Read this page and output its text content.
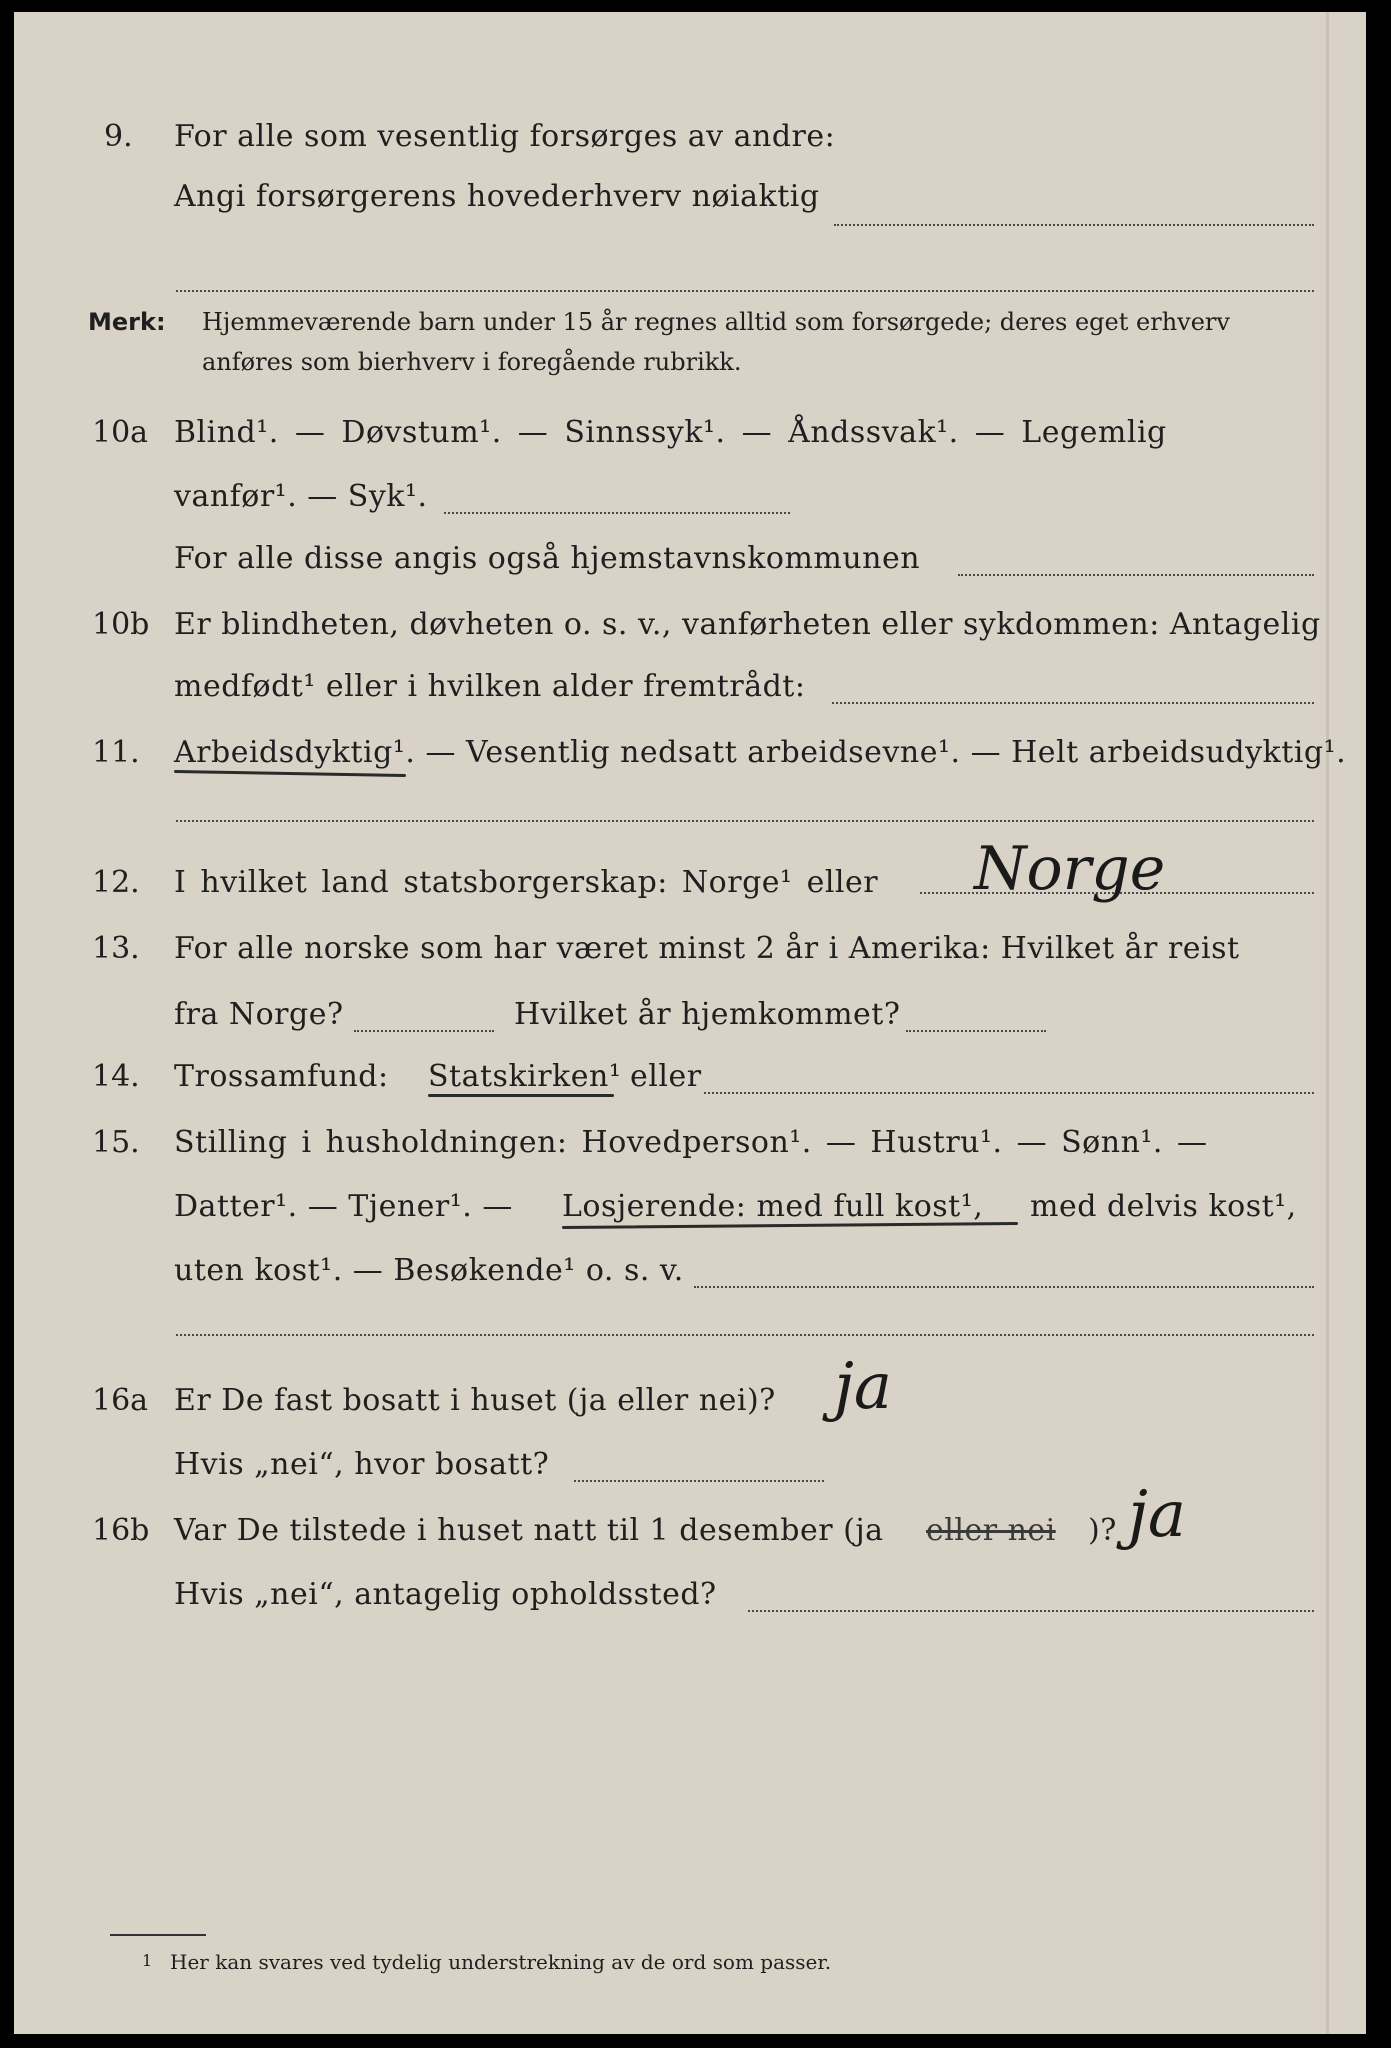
9. For alle som vesentlig forsørges av andre:
Angi forsørgerens hovederhverv nøiaktig
Merk: Hjemmeværende barn under 15 år regnes alltid som forsørgede; deres eget erhverv
anføres som bierhverv i foregående rubrikk.
10a Blind¹. — Døvstum¹. — Sinnssyk¹. — Åndssvak¹. — Legemlig
vanfør¹. — Syk¹.
For alle disse angis også hjemstavnskommunen
10b Er blindheten, døvheten o. s. v., vanførheten eller sykdommen: Antagelig
medfødt¹ eller i hvilken alder fremtrådt:
11. Arbeidsdyktig¹. — Vesentlig nedsatt arbeidsevne¹. — Helt arbeidsudyktig¹.
12. I hvilket land statsborgerskap: Norge¹ eller Norge
13. For alle norske som har været minst 2 år i Amerika: Hvilket år reist
fra Norge?	Hvilket år hjemkommet?
14. Trossamfund: Statskirken¹ eller
15. Stilling i husholdningen: Hovedperson¹. — Hustru¹. — Sønn¹. —
Datter¹. — Tjener¹. — Losjerende: med full kost¹, med delvis kost¹,
uten kost¹. — Besøkende¹ o. s. v.
16a Er De fast bosatt i huset (ja eller nei)? ja
Hvis „nei“, hvor bosatt?
16b Var De tilstede i huset natt til 1 desember (ja eller nei )? ja
Hvis „nei“, antagelig opholdssted?
1 Her kan svares ved tydelig understrekning av de ord som passer.
